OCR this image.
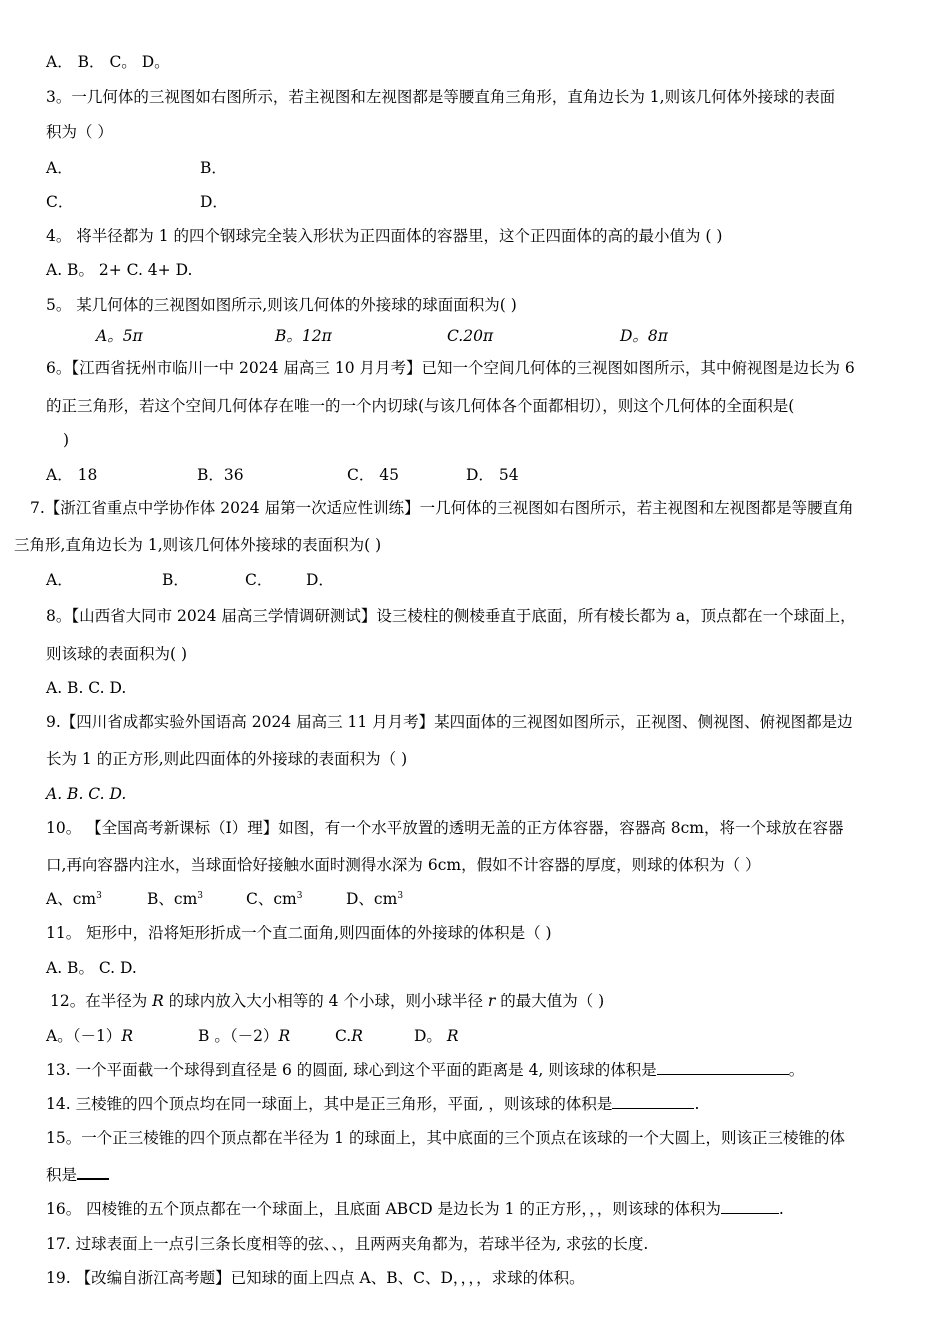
A． B． C。 D。
3。一几何体的三视图如右图所示，若主视图和左视图都是等腰直角三角形，直角边长为 1,则该几何体外接球的表面
积为（ ）
A．	B．
C．	D．
4。 将半径都为 1 的四个钢球完全装入形状为正四面体的容器里，这个正四面体的高的最小值为 ( )
A. B。 2+ C. 4+ D.
5。 某几何体的三视图如图所示,则该几何体的外接球的球面面积为( )
A。5π	B。12π	C.20π	D。8π
6。【江西省抚州市临川一中 2024 届高三 10 月月考】已知一个空间几何体的三视图如图所示，其中俯视图是边长为 6
的正三角形，若这个空间几何体存在唯一的一个内切球(与该几何体各个面都相切），则这个几何体的全面积是(
)
A． 18	B．36	C． 45	D． 54
7.【浙江省重点中学协作体 2024 届第一次适应性训练】一几何体的三视图如右图所示，若主视图和左视图都是等腰直角
三角形,直角边长为 1,则该几何体外接球的表面积为( )
A．	B．	C． D．
8。【山西省大同市 2024 届高三学情调研测试】设三棱柱的侧棱垂直于底面，所有棱长都为 a，顶点都在一个球面上，
则该球的表面积为( )
A. B. C. D.
9.【四川省成都实验外国语高 2024 届高三 11 月月考】某四面体的三视图如图所示，正视图、侧视图、俯视图都是边
长为 1 的正方形,则此四面体的外接球的表面积为（ )
A. B. C. D.
10。 【全国高考新课标（I）理】如图，有一个水平放置的透明无盖的正方体容器，容器高 8cm，将一个球放在容器
口,再向容器内注水，当球面恰好接触水面时测得水深为 6cm，假如不计容器的厚度，则球的体积为（ ）
A、$cm^3$	B、$cm^3$	C、$cm^3$	D、$cm^3$
11。 矩形中，沿将矩形折成一个直二面角,则四面体的外接球的体积是（ )
A. B。 C. D.
12。在半径为 R 的球内放入大小相等的 4 个小球，则小球半径 r 的最大值为（ )
A。（－1）R	B 。（－2）R	C.R	D。 R
13. 一个平面截一个球得到直径是 6 的圆面, 球心到这个平面的距离是 4, 则该球的体积是	。
14. 三棱锥的四个顶点均在同一球面上，其中是正三角形，平面, ，则该球的体积是	.
15。一个正三棱锥的四个顶点都在半径为 1 的球面上，其中底面的三个顶点在该球的一个大圆上，则该正三棱锥的体
积是
16。 四棱锥的五个顶点都在一个球面上，且底面 ABCD 是边长为 1 的正方形，，，则该球的体积为	.
17. 过球表面上一点引三条长度相等的弦、、，且两两夹角都为，若球半径为, 求弦的长度.
19. 【改编自浙江高考题】已知球的面上四点 A、B、C、D，，，，求球的体积。
